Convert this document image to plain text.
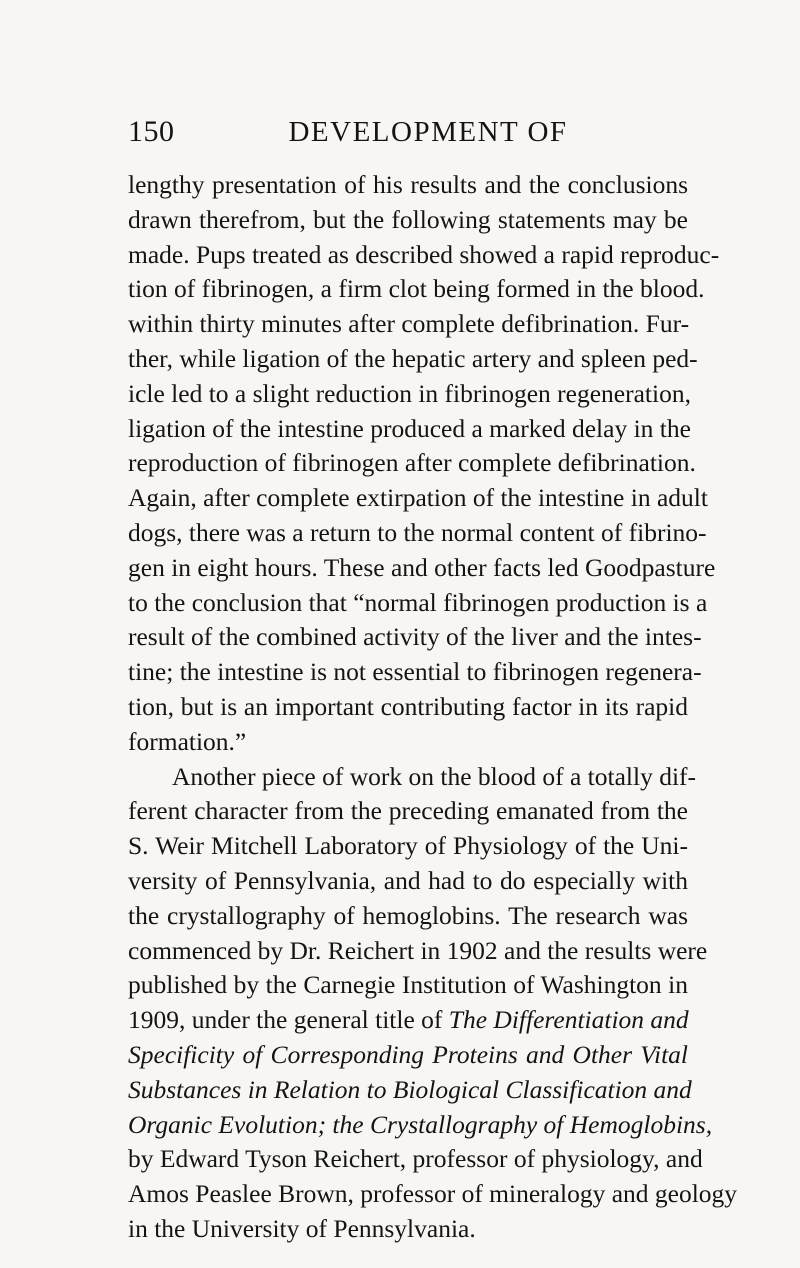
150	DEVELOPMENT OF
lengthy presentation of his results and the conclusions
drawn therefrom, but the following statements may be
made. Pups treated as described showed a rapid reproduc-
tion of fibrinogen, a firm clot being formed in the blood.
within thirty minutes after complete defibrination. Fur-
ther, while ligation of the hepatic artery and spleen ped-
icle led to a slight reduction in fibrinogen regeneration,
ligation of the intestine produced a marked delay in the
reproduction of fibrinogen after complete defibrination.
Again, after complete extirpation of the intestine in adult
dogs, there was a return to the normal content of fibrino-
gen in eight hours. These and other facts led Goodpasture
to the conclusion that “normal fibrinogen production is a
result of the combined activity of the liver and the intes-
tine; the intestine is not essential to fibrinogen regenera-
tion, but is an important contributing factor in its rapid
formation.”
Another piece of work on the blood of a totally dif-
ferent character from the preceding emanated from the
S. Weir Mitchell Laboratory of Physiology of the Uni-
versity of Pennsylvania, and had to do especially with
the crystallography of hemoglobins. The research was
commenced by Dr. Reichert in 1902 and the results were
published by the Carnegie Institution of Washington in
1909, under the general title of The Differentiation and
Specificity of Corresponding Proteins and Other Vital
Substances in Relation to Biological Classification and
Organic Evolution; the Crystallography of Hemoglobins,
by Edward Tyson Reichert, professor of physiology, and
Amos Peaslee Brown, professor of mineralogy and geology
in the University of Pennsylvania.
